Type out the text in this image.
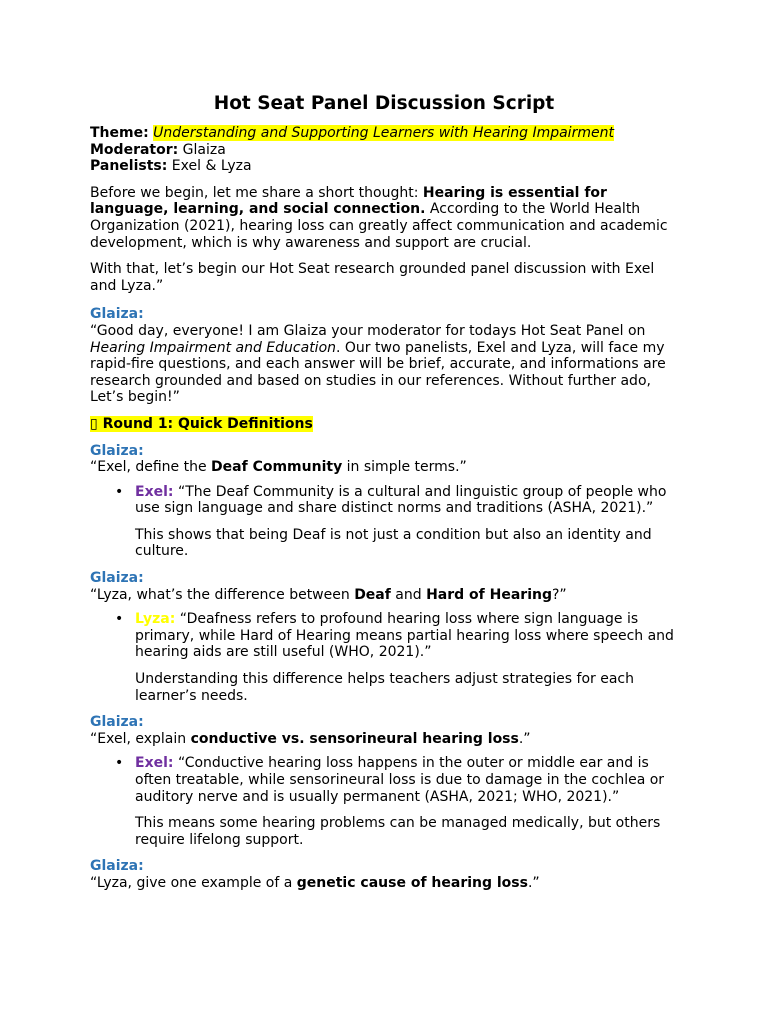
Hot Seat Panel Discussion Script

Theme: Understanding and Supporting Learners with Hearing Impairment

Moderator: Glaiza

Panelists: Exel & Lyza

Before we begin, let me share a short thought: Hearing is essential for language, learning, and social connection. According to the World Health Organization (2021), hearing loss can greatly affect communication and academic development, which is why awareness and support are crucial.

With that, let’s begin our Hot Seat research grounded panel discussion with Exel and Lyza.”

Glaiza:

“Good day, everyone! I am Glaiza your moderator for todays Hot Seat Panel on Hearing Impairment and Education. Our two panelists, Exel and Lyza, will face my rapid-fire questions, and each answer will be brief, accurate, and informations are research grounded and based on studies in our references. Without further ado, Let’s begin!”

▯ Round 1: Quick Definitions

Glaiza:

“Exel, define the Deaf Community in simple terms.”

• Exel: “The Deaf Community is a cultural and linguistic group of people who use sign language and share distinct norms and traditions (ASHA, 2021).”

This shows that being Deaf is not just a condition but also an identity and culture.

Glaiza:

“Lyza, what’s the difference between Deaf and Hard of Hearing?”

• Lyza: “Deafness refers to profound hearing loss where sign language is primary, while Hard of Hearing means partial hearing loss where speech and hearing aids are still useful (WHO, 2021).”

Understanding this difference helps teachers adjust strategies for each learner’s needs.

Glaiza:

“Exel, explain conductive vs. sensorineural hearing loss.”

• Exel: “Conductive hearing loss happens in the outer or middle ear and is often treatable, while sensorineural loss is due to damage in the cochlea or auditory nerve and is usually permanent (ASHA, 2021; WHO, 2021).”

This means some hearing problems can be managed medically, but others require lifelong support.

Glaiza:

“Lyza, give one example of a genetic cause of hearing loss.”
